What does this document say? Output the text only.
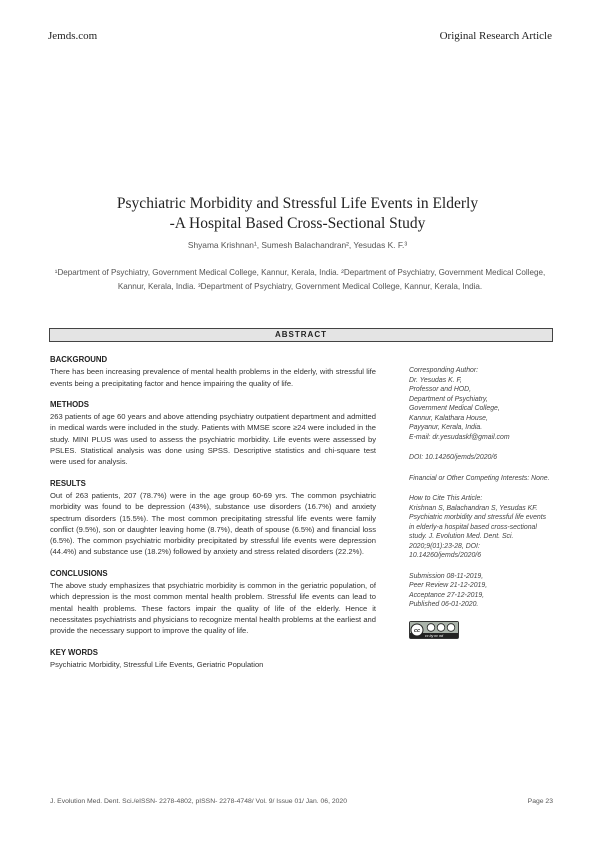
Jemds.com	Original Research Article
Psychiatric Morbidity and Stressful Life Events in Elderly
-A Hospital Based Cross-Sectional Study
Shyama Krishnan¹, Sumesh Balachandran², Yesudas K. F.³
¹Department of Psychiatry, Government Medical College, Kannur, Kerala, India. ²Department of Psychiatry, Government Medical College, Kannur, Kerala, India. ³Department of Psychiatry, Government Medical College, Kannur, Kerala, India.
ABSTRACT
BACKGROUND
There has been increasing prevalence of mental health problems in the elderly, with stressful life events being a precipitating factor and hence impairing the quality of life.
METHODS
263 patients of age 60 years and above attending psychiatry outpatient department and admitted in medical wards were included in the study. Patients with MMSE score ≥24 were included in the study. MINI PLUS was used to assess the psychiatric morbidity. Life events were assessed by PSLES. Statistical analysis was done using SPSS. Descriptive statistics and chi-square test were used for analysis.
RESULTS
Out of 263 patients, 207 (78.7%) were in the age group 60-69 yrs. The common psychiatric morbidity was found to be depression (43%), substance use disorders (16.7%) and anxiety spectrum disorders (15.5%). The most common precipitating stressful life events were family conflict (9.5%), son or daughter leaving home (8.7%), death of spouse (6.5%) and financial loss (6.5%). The common psychiatric morbidity precipitated by stressful life events were depression (44.4%) and substance use (18.2%) followed by anxiety and stress related disorders (22.2%).
CONCLUSIONS
The above study emphasizes that psychiatric morbidity is common in the geriatric population, of which depression is the most common mental health problem. Stressful life events can lead to mental health problems. These factors impair the quality of life of the elderly. Hence it necessitates psychiatrists and physicians to recognize mental health problems at the earliest and provide the necessary support to improve the quality of life.
KEY WORDS
Psychiatric Morbidity, Stressful Life Events, Geriatric Population

Corresponding Author:
Dr. Yesudas K. F,
Professor and HOD,
Department of Psychiatry,
Government Medical College,
Kannur, Kalathara House,
Payyanur, Kerala, India.
E-mail: dr.yesudaskf@gmail.com

DOI: 10.14260/jemds/2020/6

Financial or Other Competing Interests: None.

How to Cite This Article:
Krishnan S, Balachandran S, Yesudas KF. Psychiatric morbidity and stressful life events in elderly-a hospital based cross-sectional study. J. Evolution Med. Dent. Sci. 2020;9(01):23-28, DOI: 10.14260/jemds/2020/6

Submission 08-11-2019,
Peer Review 21-12-2019,
Acceptance 27-12-2019,
Published 06-01-2020.

cc
cc by nc nd
J. Evolution Med. Dent. Sci./eISSN- 2278-4802, pISSN- 2278-4748/ Vol. 9/ Issue 01/ Jan. 06, 2020	Page 23
